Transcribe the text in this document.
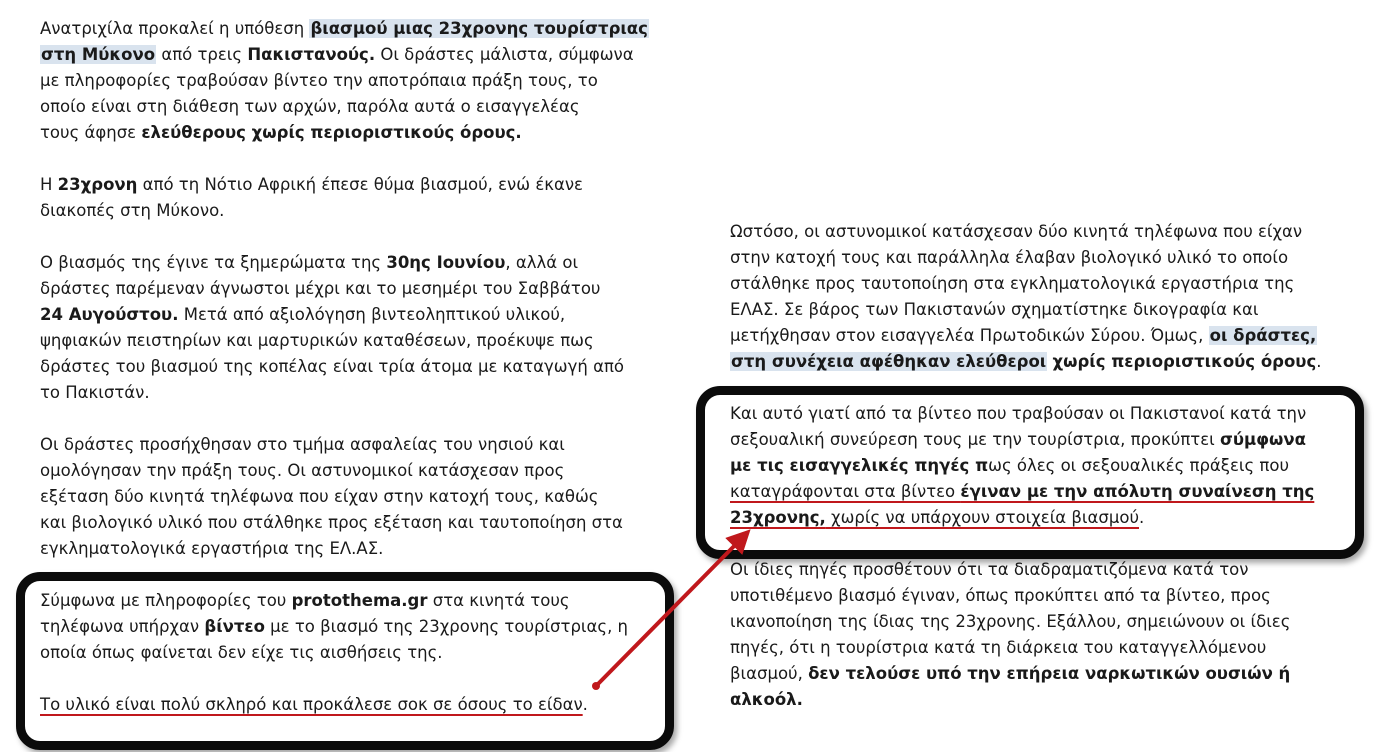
Ανατριχίλα προκαλεί η υπόθεση βιασμού μιας 23χρονης τουρίστριας
στη Μύκονο από τρεις Πακιστανούς. Οι δράστες μάλιστα, σύμφωνα
με πληροφορίες τραβούσαν βίντεο την αποτρόπαια πράξη τους, το
οποίο είναι στη διάθεση των αρχών, παρόλα αυτά ο εισαγγελέας
τους άφησε ελεύθερους χωρίς περιοριστικούς όρους.

Η 23χρονη από τη Νότιο Αφρική έπεσε θύμα βιασμού, ενώ έκανε
διακοπές στη Μύκονο.

Ο βιασμός της έγινε τα ξημερώματα της 30ης Ιουνίου, αλλά οι
δράστες παρέμεναν άγνωστοι μέχρι και το μεσημέρι του Σαββάτου
24 Αυγούστου. Μετά από αξιολόγηση βιντεοληπτικού υλικού,
ψηφιακών πειστηρίων και μαρτυρικών καταθέσεων, προέκυψε πως
δράστες του βιασμού της κοπέλας είναι τρία άτομα με καταγωγή από
το Πακιστάν.

Οι δράστες προσήχθησαν στο τμήμα ασφαλείας του νησιού και
ομολόγησαν την πράξη τους. Οι αστυνομικοί κατάσχεσαν προς
εξέταση δύο κινητά τηλέφωνα που είχαν στην κατοχή τους, καθώς
και βιολογικό υλικό που στάλθηκε προς εξέταση και ταυτοποίηση στα
εγκληματολογικά εργαστήρια της ΕΛ.ΑΣ.

Σύμφωνα με πληροφορίες του protothema.gr στα κινητά τους
τηλέφωνα υπήρχαν βίντεο με το βιασμό της 23χρονης τουρίστριας, η
οποία όπως φαίνεται δεν είχε τις αισθήσεις της.

Το υλικό είναι πολύ σκληρό και προκάλεσε σοκ σε όσους το είδαν.

Ωστόσο, οι αστυνομικοί κατάσχεσαν δύο κινητά τηλέφωνα που είχαν
στην κατοχή τους και παράλληλα έλαβαν βιολογικό υλικό το οποίο
στάλθηκε προς ταυτοποίηση στα εγκληματολογικά εργαστήρια της
ΕΛΑΣ. Σε βάρος των Πακιστανών σχηματίστηκε δικογραφία και
μετήχθησαν στον εισαγγελέα Πρωτοδικών Σύρου. Όμως, οι δράστες,
στη συνέχεια αφέθηκαν ελεύθεροι χωρίς περιοριστικούς όρους.

Και αυτό γιατί από τα βίντεο που τραβούσαν οι Πακιστανοί κατά την
σεξουαλική συνεύρεση τους με την τουρίστρια, προκύπτει σύμφωνα
με τις εισαγγελικές πηγές πως όλες οι σεξουαλικές πράξεις που
καταγράφονται στα βίντεο έγιναν με την απόλυτη συναίνεση της
23χρονης, χωρίς να υπάρχουν στοιχεία βιασμού.

Οι ίδιες πηγές προσθέτουν ότι τα διαδραματιζόμενα κατά τον
υποτιθέμενο βιασμό έγιναν, όπως προκύπτει από τα βίντεο, προς
ικανοποίηση της ίδιας της 23χρονης. Εξάλλου, σημειώνουν οι ίδιες
πηγές, ότι η τουρίστρια κατά τη διάρκεια του καταγγελλόμενου
βιασμού, δεν τελούσε υπό την επήρεια ναρκωτικών ουσιών ή
αλκοόλ.
